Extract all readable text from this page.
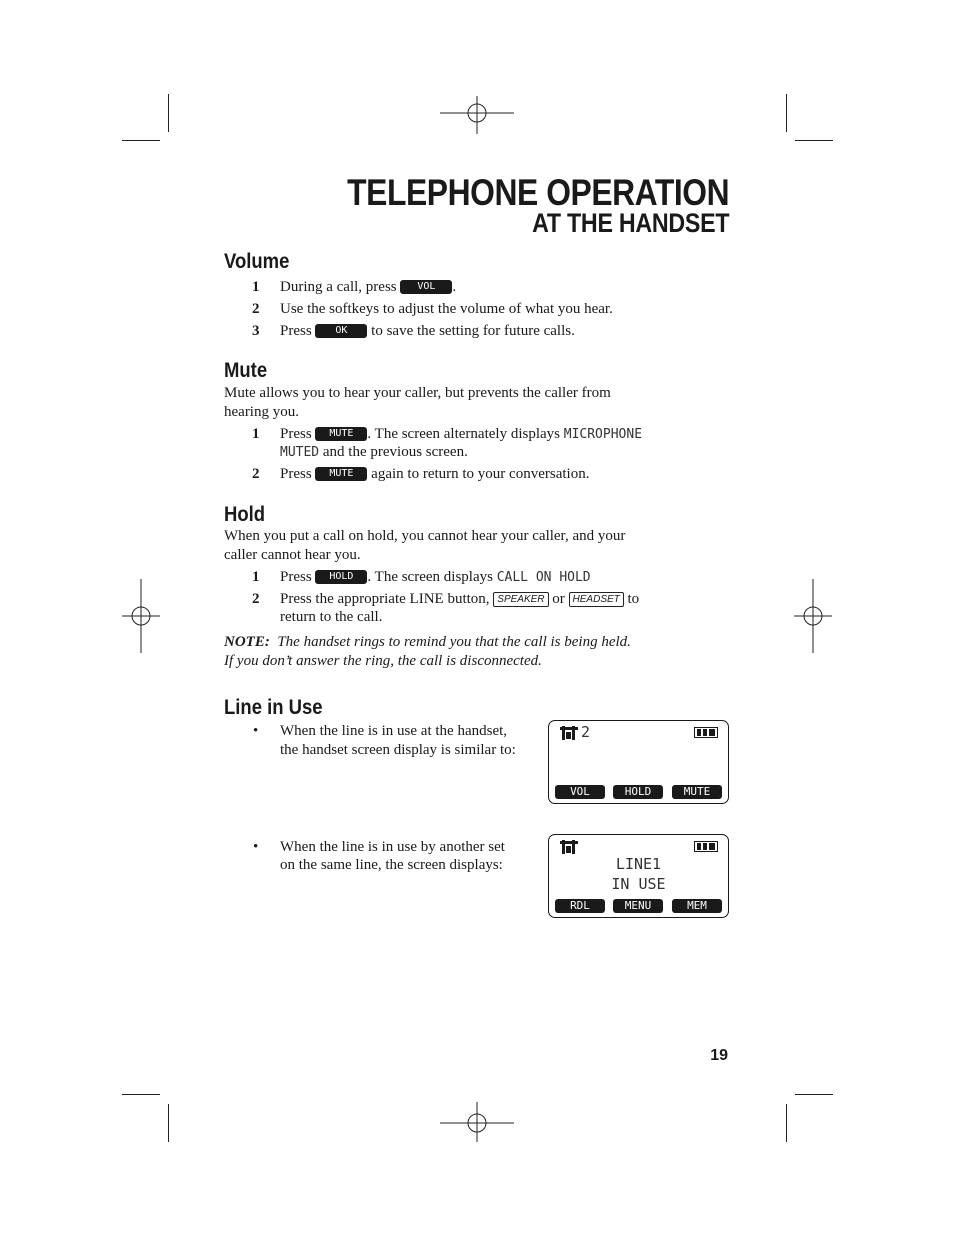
TELEPHONE OPERATION
AT THE HANDSET
Volume
1 During a call, press VOL .
2 Use the softkeys to adjust the volume of what you hear.
3 Press OK to save the setting for future calls.
Mute
Mute allows you to hear your caller, but prevents the caller from
hearing you.
1 Press MUTE . The screen alternately displays MICROPHONE
MUTED and the previous screen.
2 Press MUTE again to return to your conversation.
Hold
When you put a call on hold, you cannot hear your caller, and your
caller cannot hear you.
1 Press HOLD . The screen displays CALL ON HOLD
2 Press the appropriate LINE button, SPEAKER or HEADSET to
return to the call.
NOTE: The handset rings to remind you that the call is being held.
If you don’t answer the ring, the call is disconnected.
Line in Use
• When the line is in use at the handset,
the handset screen display is similar to:
• When the line is in use by another set
on the same line, the screen displays:
2
VOL	HOLD	MUTE
LINE1
IN USE
RDL	MENU	MEM
19
